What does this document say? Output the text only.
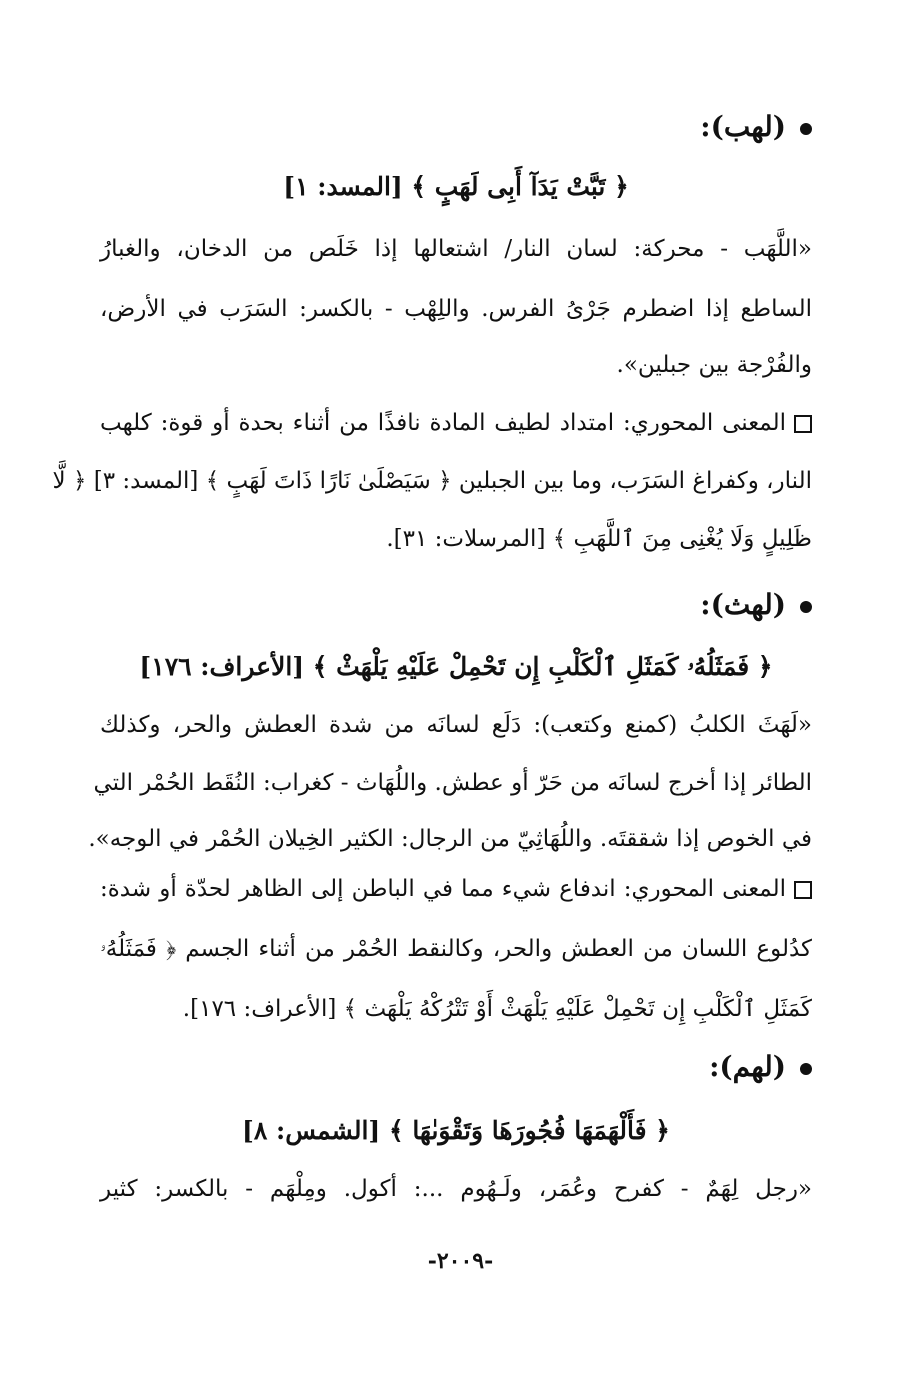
(لهب):
﴿ تَبَّتْ يَدَآ أَبِى لَهَبٍ ﴾ [المسد: ١]
«اللَّهَب - محركة: لسان النار/ اشتعالها إذا خَلَص من الدخان، والغبارُ
الساطع إذا اضطرم جَرْىُ الفرس. واللِهْب - بالكسر: السَرَب في الأرض،
والفُرْجة بين جبلين».
المعنى المحوري: امتداد لطيف المادة نافذًا من أثناء بحدة أو قوة: كلهب
النار، وكفراغ السَرَب، وما بين الجبلين ﴿ سَيَصْلَىٰ نَارًا ذَاتَ لَهَبٍ ﴾ [المسد: ٣] ﴿ لَّا
ظَلِيلٍ وَلَا يُغْنِى مِنَ ٱللَّهَبِ ﴾ [المرسلات: ٣١].
(لهث):
﴿ فَمَثَلُهُۥ كَمَثَلِ ٱلْكَلْبِ إِن تَحْمِلْ عَلَيْهِ يَلْهَثْ ﴾ [الأعراف: ١٧٦]
«لَهَثَ الكلبُ (كمنع وكتعب): دَلَع لسانَه من شدة العطش والحر، وكذلك
الطائر إذا أخرج لسانَه من حَرّ أو عطش. واللُهَاث - كغراب: النُقَط الحُمْر التي
في الخوص إذا شققتَه. واللُهَاثِيّ من الرجال: الكثير الخِيلان الحُمْر في الوجه».
المعنى المحوري: اندفاع شيء مما في الباطن إلى الظاهر لحدّة أو شدة:
كدُلوع اللسان من العطش والحر، وكالنقط الحُمْر من أثناء الجسم ﴿ فَمَثَلُهُۥ
كَمَثَلِ ٱلْكَلْبِ إِن تَحْمِلْ عَلَيْهِ يَلْهَثْ أَوْ تَتْرُكْهُ يَلْهَث ﴾ [الأعراف: ١٧٦].
(لهم):
﴿ فَأَلْهَمَهَا فُجُورَهَا وَتَقْوَىٰهَا ﴾ [الشمس: ٨]
«رجل لِهَمٌ - كفرح وعُمَر، ولَـهُوم ...: أكول. ومِلْهَم - بالكسر: كثير
-٢٠٠٩-
